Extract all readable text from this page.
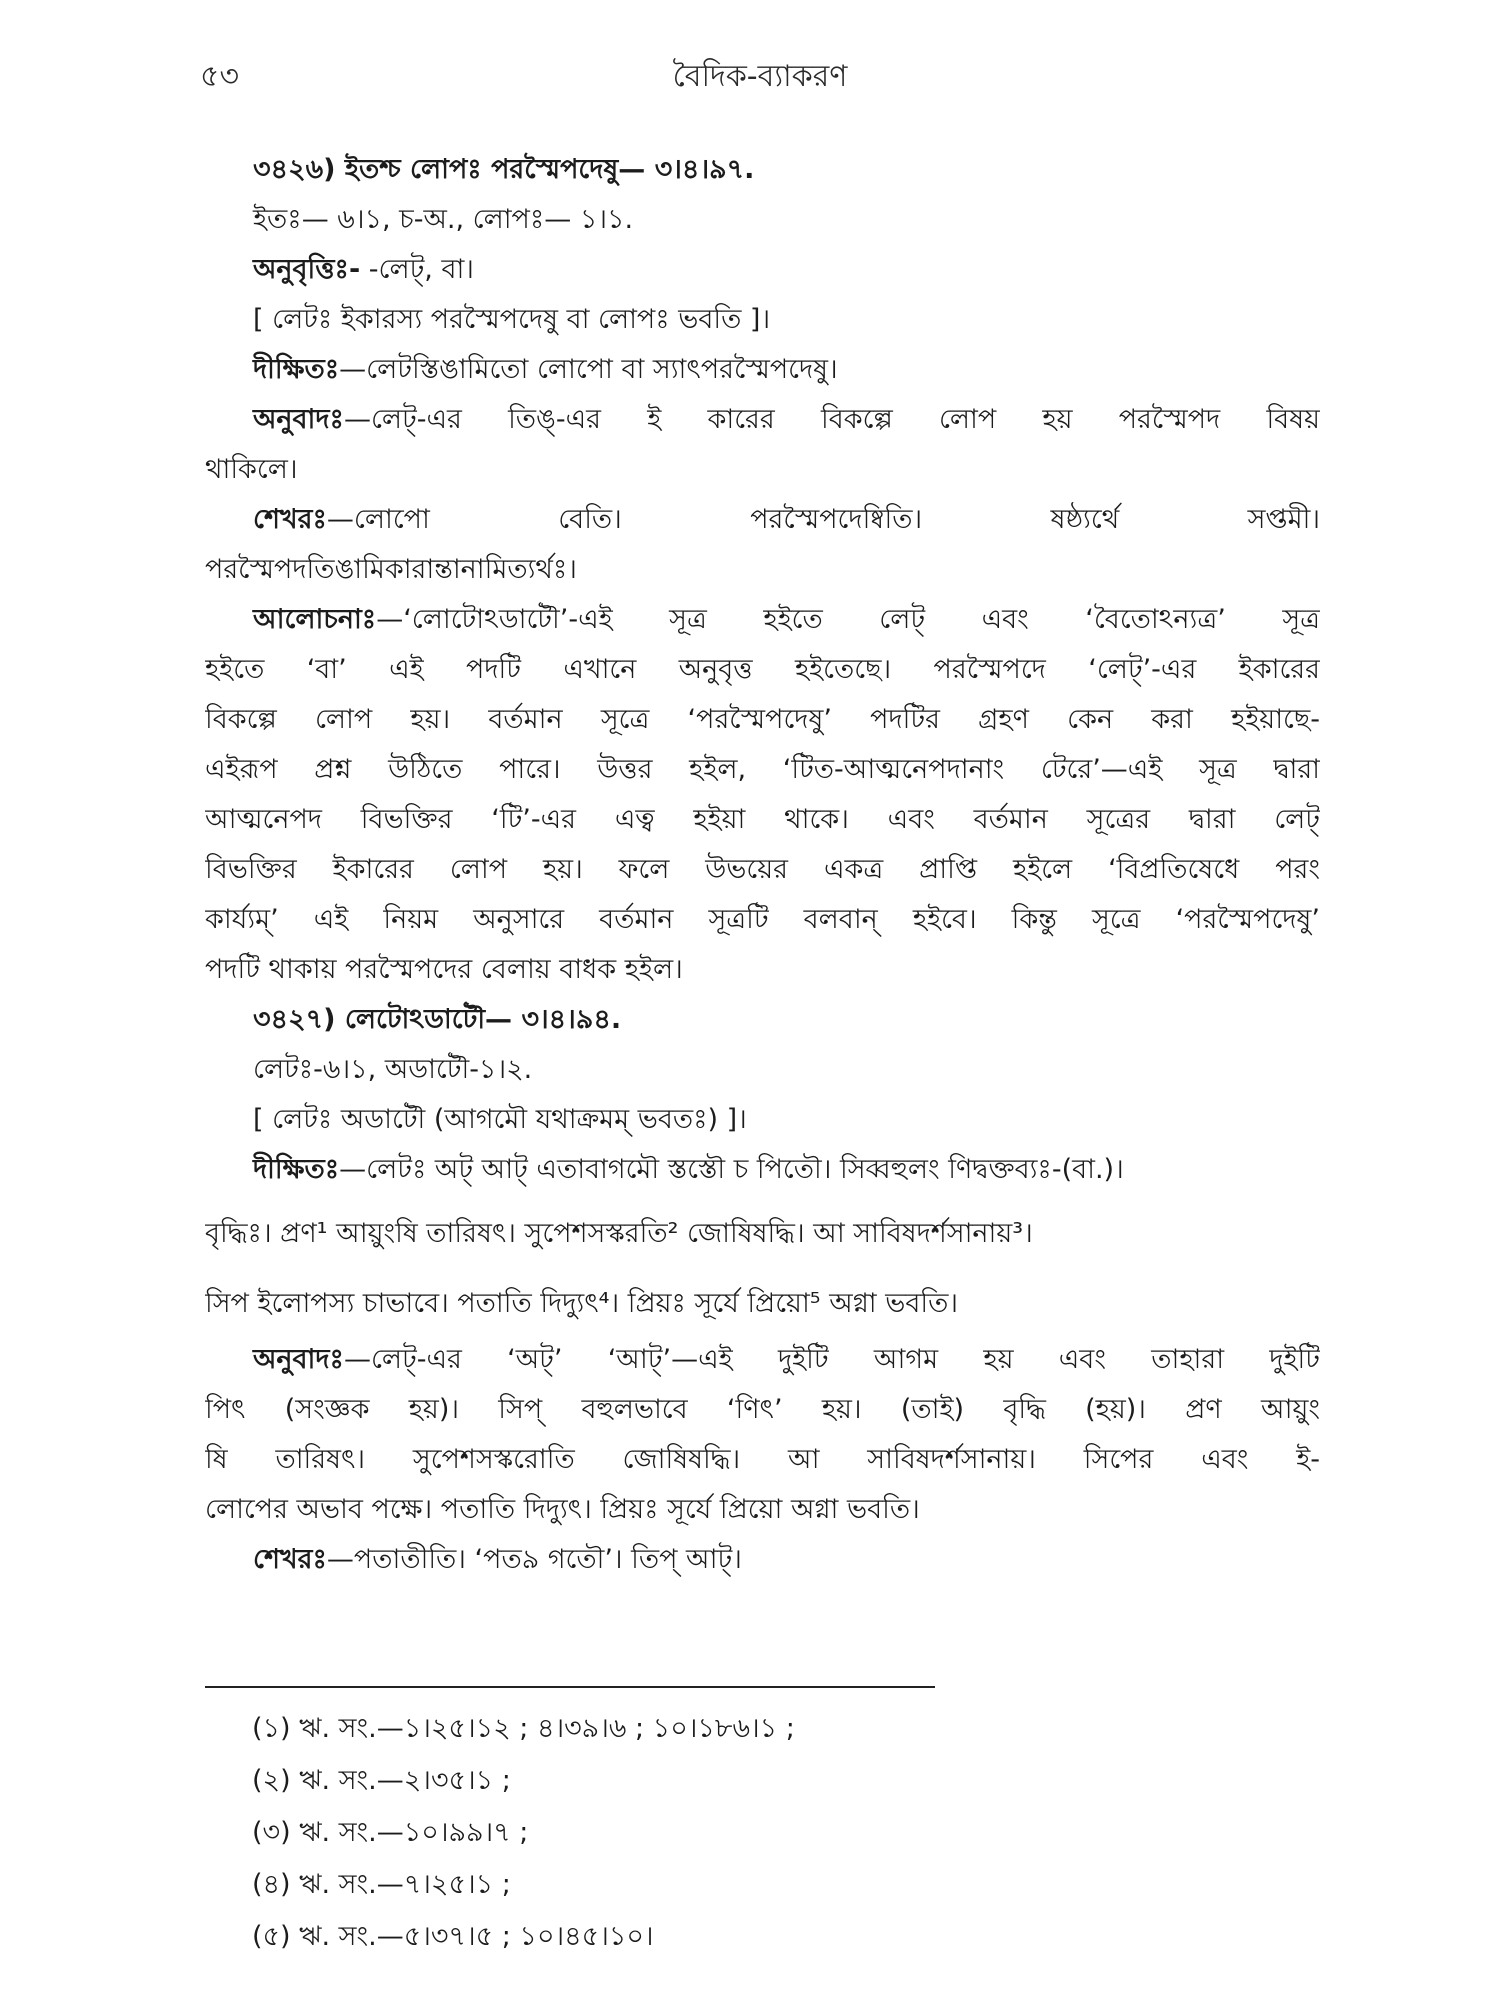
৫৩	বৈদিক-ব্যাকরণ

৩৪২৬) ইতশ্চ লোপঃ পরস্মৈপদেষু— ৩।৪।৯৭.

ইতঃ— ৬।১, চ-অ., লোপঃ— ১।১.

অনুবৃত্তিঃ- -লেট্, বা।

[ লেটঃ ইকারস্য পরস্মৈপদেষু বা লোপঃ ভবতি ]।

দীক্ষিতঃ—লেটস্তিঙামিতো লোপো বা স্যাৎপরস্মৈপদেষু।

অনুবাদঃ—লেট্-এর তিঙ্-এর ই কারের বিকল্পে লোপ হয় পরস্মৈপদ বিষয়

থাকিলে।

শেখরঃ—লোপো বেতি। পরস্মৈপদেষ্বিতি। ষষ্ঠ্যর্থে সপ্তমী।

পরস্মৈপদতিঙামিকারান্তানামিত্যর্থঃ।

আলোচনাঃ—‘লোটোঽডাটৌ’-এই সূত্র হইতে লেট্ এবং ‘বৈতোঽন্যত্র’ সূত্র

হইতে ‘বা’ এই পদটি এখানে অনুবৃত্ত হইতেছে। পরস্মৈপদে ‘লেট্’-এর ইকারের

বিকল্পে লোপ হয়। বর্তমান সূত্রে ‘পরস্মৈপদেষু’ পদটির গ্রহণ কেন করা হইয়াছে-

এইরূপ প্রশ্ন উঠিতে পারে। উত্তর হইল, ‘টিত-আত্মনেপদানাং টেরে’—এই সূত্র দ্বারা

আত্মনেপদ বিভক্তির ‘টি’-এর এত্ব হইয়া থাকে। এবং বর্তমান সূত্রের দ্বারা লেট্

বিভক্তির ইকারের লোপ হয়। ফলে উভয়ের একত্র প্রাপ্তি হইলে ‘বিপ্রতিষেধে পরং

কার্য্যম্’ এই নিয়ম অনুসারে বর্তমান সূত্রটি বলবান্ হইবে। কিন্তু সূত্রে ‘পরস্মৈপদেষু’

পদটি থাকায় পরস্মৈপদের বেলায় বাধক হইল।

৩৪২৭) লেটোঽডাটৌ— ৩।৪।৯৪.

লেটঃ-৬।১, অডাটৌ-১।২.

[ লেটঃ অডাটৌ (আগমৌ যথাক্রমম্ ভবতঃ) ]।

দীক্ষিতঃ—লেটঃ অট্ আট্ এতাবাগমৌ স্তস্তৌ চ পিতৌ। সিব্বহুলং ণিদ্বক্তব্যঃ-(বা.)।

বৃদ্ধিঃ। প্রণ¹ আয়ুংষি তারিষৎ। সুপেশসস্করতি² জোষিষদ্ধি। আ সাবিষদর্শসানায়³।

সিপ ইলোপস্য চাভাবে। পতাতি দিদ্যুৎ⁴। প্রিয়ঃ সূর্যে প্রিয়ো⁵ অগ্না ভবতি।

অনুবাদঃ—লেট্-এর ‘অট্’ ‘আট্’—এই দুইটি আগম হয় এবং তাহারা দুইটি

পিৎ (সংজ্ঞক হয়)। সিপ্ বহুলভাবে ‘ণিৎ’ হয়। (তাই) বৃদ্ধি (হয়)। প্রণ আয়ুং

ষি তারিষৎ। সুপেশসস্করোতি জোষিষদ্ধি। আ সাবিষদর্শসানায়। সিপের এবং ই-

লোপের অভাব পক্ষে। পতাতি দিদ্যুৎ। প্রিয়ঃ সূর্যে প্রিয়ো অগ্না ভবতি।

শেখরঃ—পতাতীতি। ‘পত৯ গতৌ’। তিপ্ আট্।

(১) ঋ. সং.—১।২৫।১২ ; ৪।৩৯।৬ ; ১০।১৮৬।১ ;

(২) ঋ. সং.—২।৩৫।১ ;

(৩) ঋ. সং.—১০।৯৯।৭ ;

(৪) ঋ. সং.—৭।২৫।১ ;

(৫) ঋ. সং.—৫।৩৭।৫ ; ১০।৪৫।১০।
